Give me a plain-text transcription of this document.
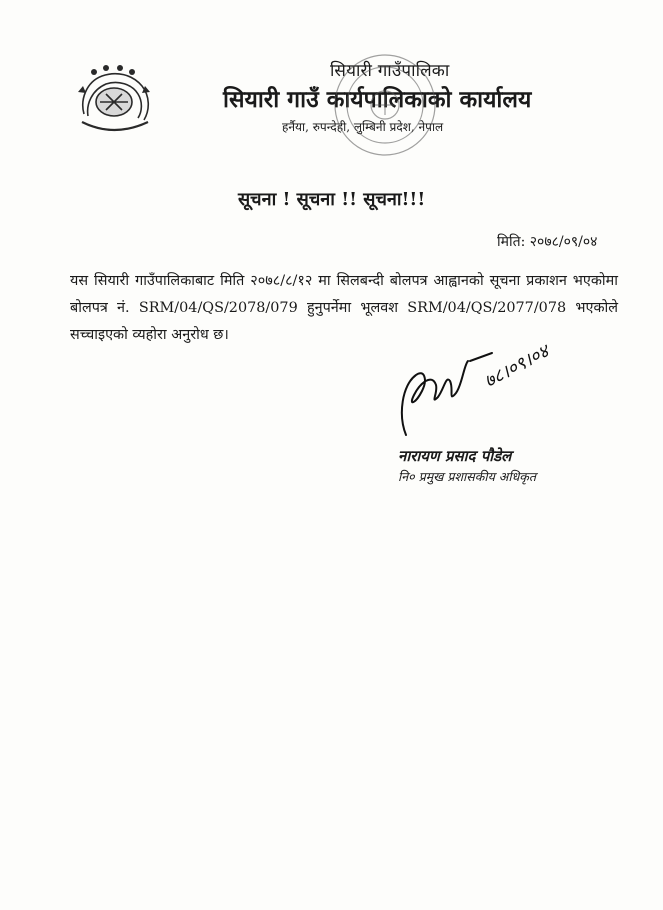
सियारी गाउँपालिका
सियारी गाउँ कार्यपालिकाको कार्यालय
हर्नैया, रुपन्देही, लुम्बिनी प्रदेश, नेपाल
सूचना ! सूचना !! सूचना!!!
मिति: २०७८/०९/०४
यस सियारी गाउँपालिकाबाट मिति २०७८/८/१२ मा सिलबन्दी बोलपत्र आह्वानको सूचना प्रकाशन भएकोमा बोलपत्र नं. SRM/04/QS/2078/079 हुनुपर्नेमा भूलवश SRM/04/QS/2077/078 भएकोले सच्चाइएको व्यहोरा अनुरोध छ।
७८।०९।०४
नारायण प्रसाद पौडेल
नि० प्रमुख प्रशासकीय अधिकृत
